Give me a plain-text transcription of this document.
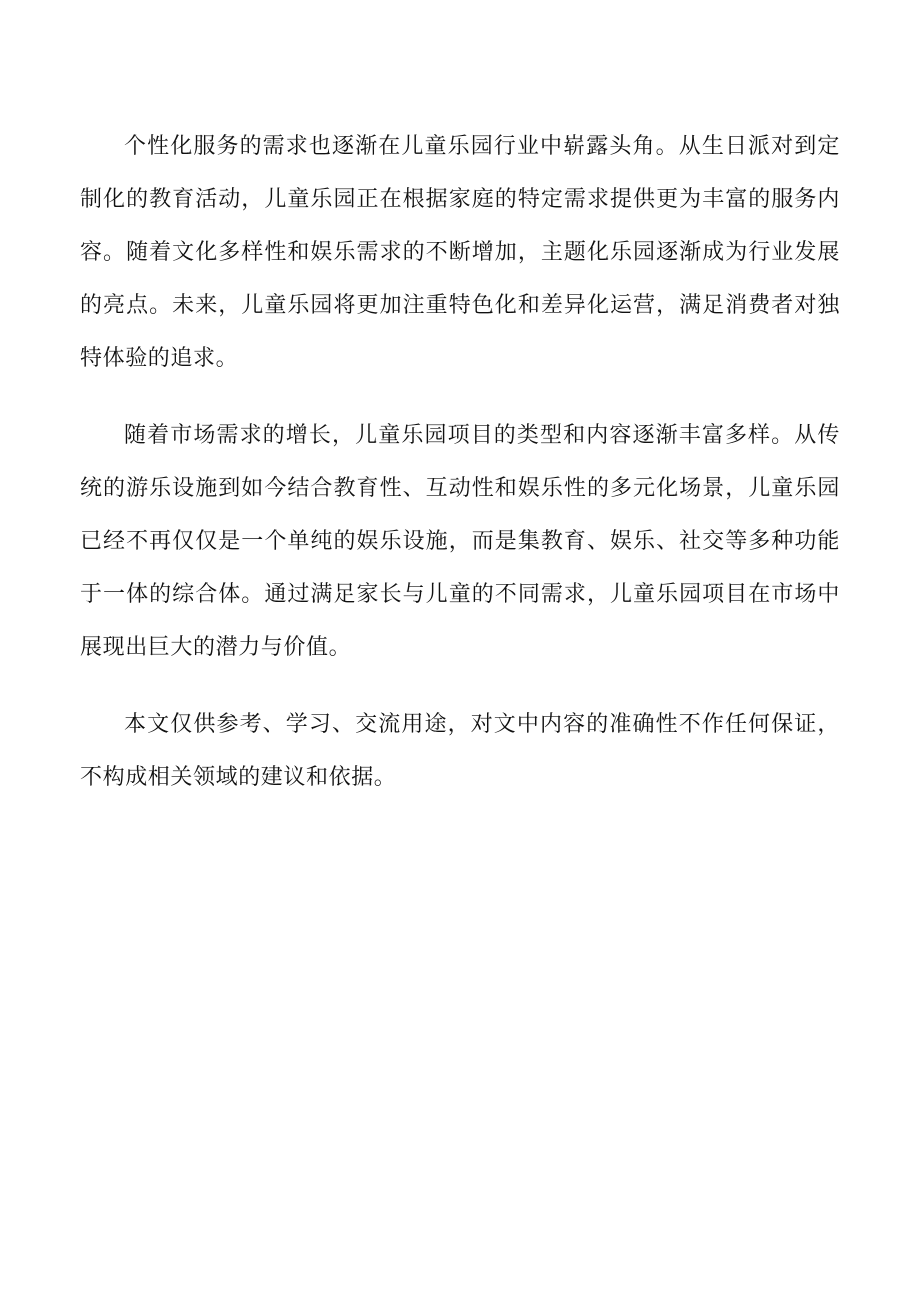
个性化服务的需求也逐渐在儿童乐园行业中崭露头角。从生日派对到定制化的教育活动，儿童乐园正在根据家庭的特定需求提供更为丰富的服务内容。随着文化多样性和娱乐需求的不断增加，主题化乐园逐渐成为行业发展的亮点。未来，儿童乐园将更加注重特色化和差异化运营，满足消费者对独特体验的追求。

随着市场需求的增长，儿童乐园项目的类型和内容逐渐丰富多样。从传统的游乐设施到如今结合教育性、互动性和娱乐性的多元化场景，儿童乐园已经不再仅仅是一个单纯的娱乐设施，而是集教育、娱乐、社交等多种功能于一体的综合体。通过满足家长与儿童的不同需求，儿童乐园项目在市场中展现出巨大的潜力与价值。

本文仅供参考、学习、交流用途，对文中内容的准确性不作任何保证，不构成相关领域的建议和依据。
